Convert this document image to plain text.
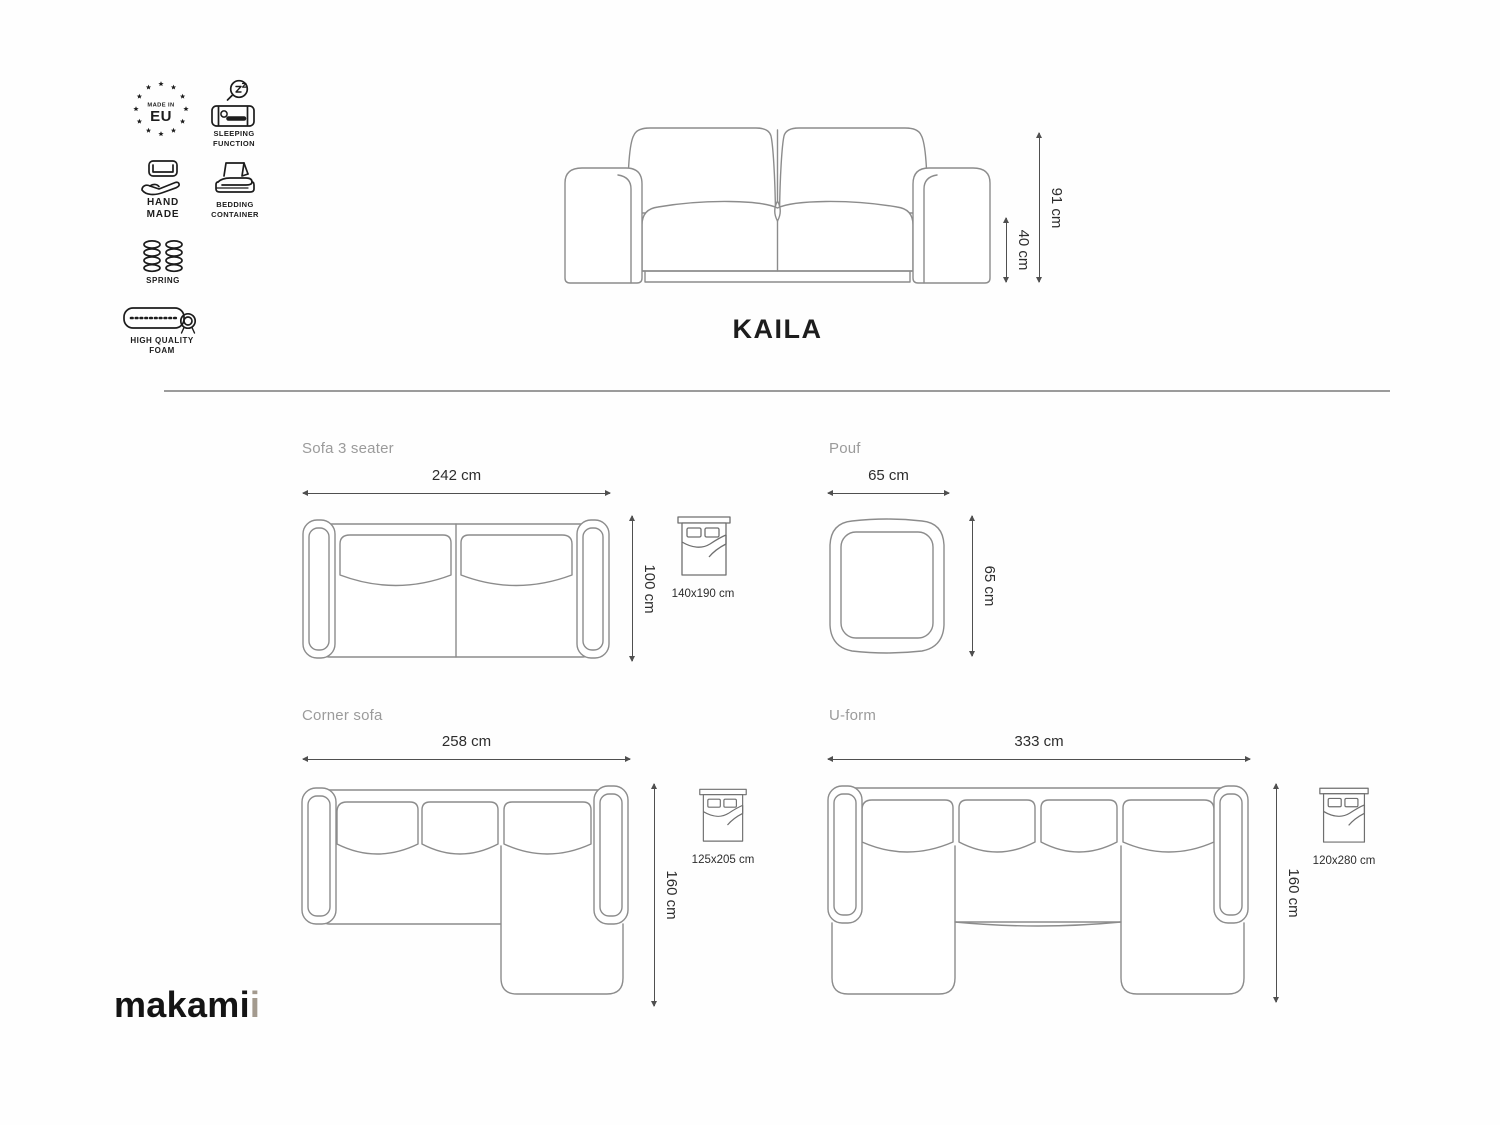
MADE IN
EU
SLEEPING
FUNCTION
HAND
MADE
BEDDING
CONTAINER
SPRING
HIGH QUALITY
FOAM
40 cm
91 cm
KAILA
Sofa 3 seater
242 cm
100 cm	140x190 cm
Pouf
65 cm
65 cm
Corner sofa
258 cm
160 cm
125x205 cm
U-form
333 cm
160 cm
120x280 cm
makamii
